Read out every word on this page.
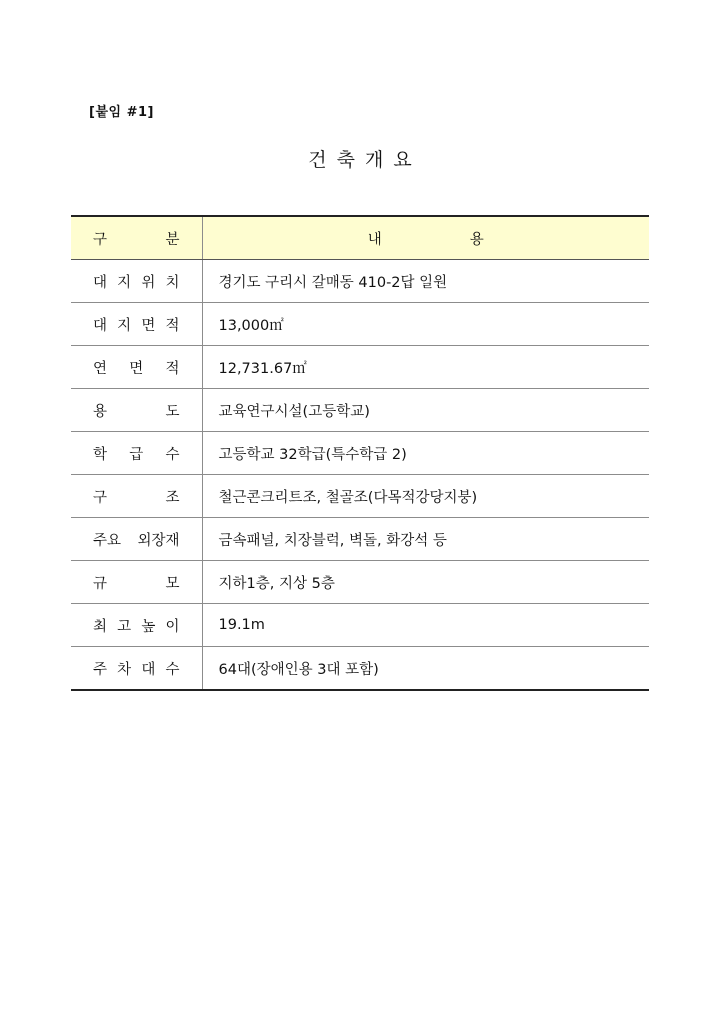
[붙임 #1]
건축개요
구 분	내 용

대 지 위 치	경기도 구리시 갈매동 410-2답 일원

대 지 면 적	13,000㎡

연 면 적	12,731.67㎡

용 도	교육연구시설(고등학교)

학 급 수	고등학교 32학급(특수학급 2)

구 조	철근콘크리트조, 철골조(다목적강당지붕)

주요 외장재	금속패널, 치장블럭, 벽돌, 화강석 등

규 모	지하1층, 지상 5층

최 고 높 이	19.1m

주 차 대 수	64대(장애인용 3대 포함)
